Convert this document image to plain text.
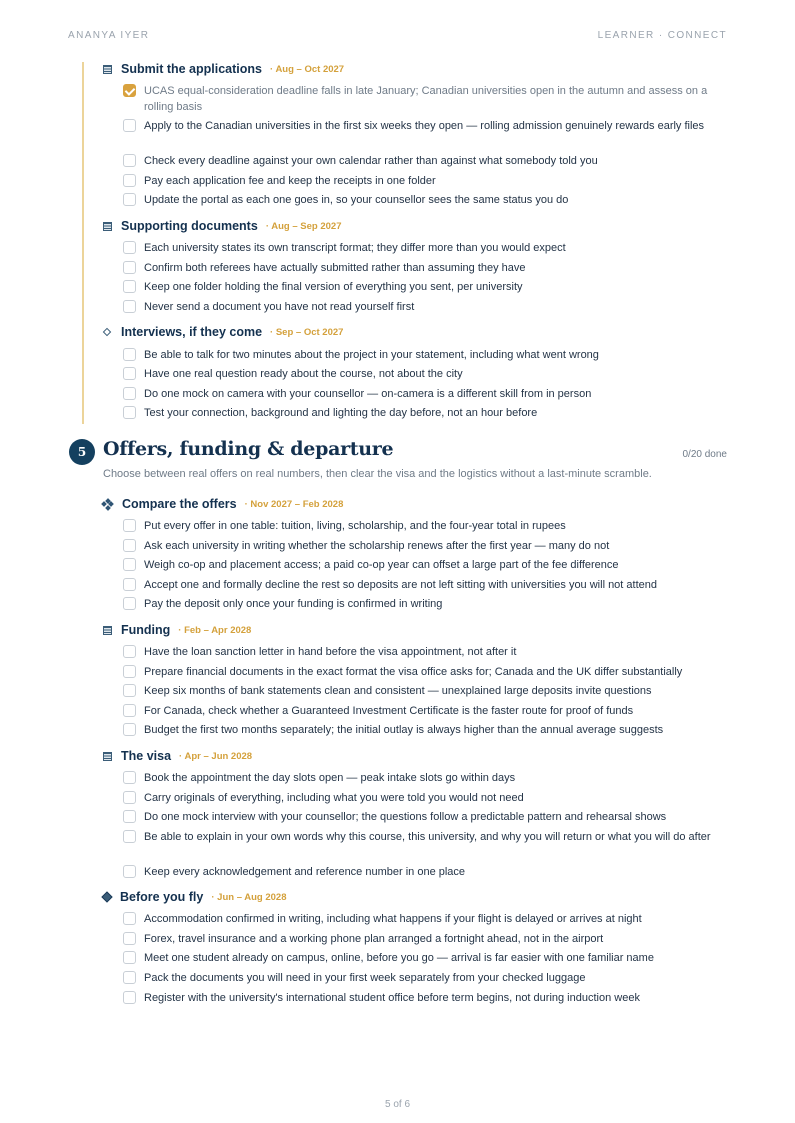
ANANYA IYER	LEARNER · CONNECT
Submit the applications · Aug – Oct 2027
UCAS equal-consideration deadline falls in late January; Canadian universities open in the autumn and assess on a rolling basis
Apply to the Canadian universities in the first six weeks they open — rolling admission genuinely rewards early files
Check every deadline against your own calendar rather than against what somebody told you
Pay each application fee and keep the receipts in one folder
Update the portal as each one goes in, so your counsellor sees the same status you do
Supporting documents · Aug – Sep 2027
Each university states its own transcript format; they differ more than you would expect
Confirm both referees have actually submitted rather than assuming they have
Keep one folder holding the final version of everything you sent, per university
Never send a document you have not read yourself first
Interviews, if they come · Sep – Oct 2027
Be able to talk for two minutes about the project in your statement, including what went wrong
Have one real question ready about the course, not about the city
Do one mock on camera with your counsellor — on-camera is a different skill from in person
Test your connection, background and lighting the day before, not an hour before
5 Offers, funding & departure	0/20 done
Choose between real offers on real numbers, then clear the visa and the logistics without a last-minute scramble.
Compare the offers · Nov 2027 – Feb 2028
Put every offer in one table: tuition, living, scholarship, and the four-year total in rupees
Ask each university in writing whether the scholarship renews after the first year — many do not
Weigh co-op and placement access; a paid co-op year can offset a large part of the fee difference
Accept one and formally decline the rest so deposits are not left sitting with universities you will not attend
Pay the deposit only once your funding is confirmed in writing
Funding · Feb – Apr 2028
Have the loan sanction letter in hand before the visa appointment, not after it
Prepare financial documents in the exact format the visa office asks for; Canada and the UK differ substantially
Keep six months of bank statements clean and consistent — unexplained large deposits invite questions
For Canada, check whether a Guaranteed Investment Certificate is the faster route for proof of funds
Budget the first two months separately; the initial outlay is always higher than the annual average suggests
The visa · Apr – Jun 2028
Book the appointment the day slots open — peak intake slots go within days
Carry originals of everything, including what you were told you would not need
Do one mock interview with your counsellor; the questions follow a predictable pattern and rehearsal shows
Be able to explain in your own words why this course, this university, and why you will return or what you will do after
Keep every acknowledgement and reference number in one place
Before you fly · Jun – Aug 2028
Accommodation confirmed in writing, including what happens if your flight is delayed or arrives at night
Forex, travel insurance and a working phone plan arranged a fortnight ahead, not in the airport
Meet one student already on campus, online, before you go — arrival is far easier with one familiar name
Pack the documents you will need in your first week separately from your checked luggage
Register with the university's international student office before term begins, not during induction week
5 of 6
